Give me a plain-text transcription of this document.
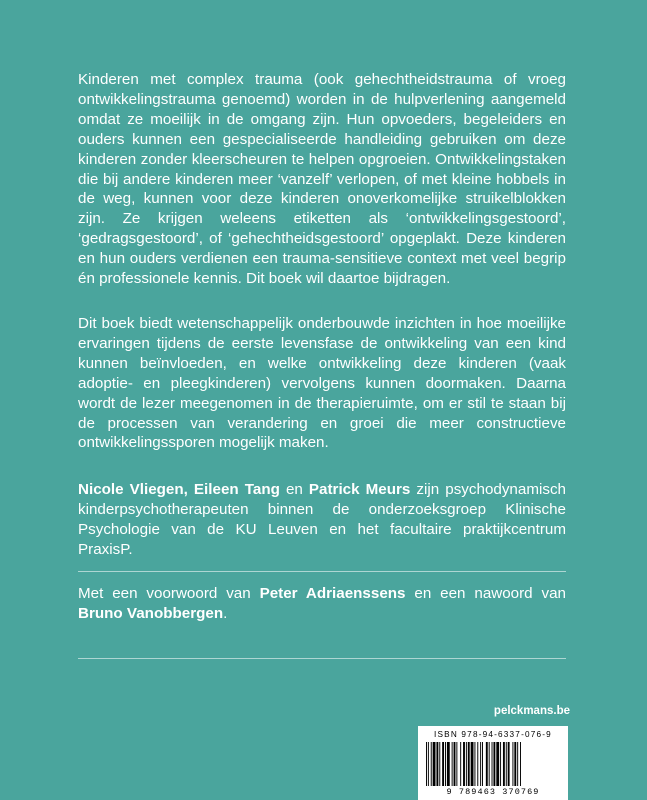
Kinderen met complex trauma (ook gehechtheidstrauma of vroeg ontwikkelingstrauma genoemd) worden in de hulpverlening aangemeld omdat ze moeilijk in de omgang zijn. Hun opvoeders, begeleiders en ouders kunnen een gespecialiseerde handleiding gebruiken om deze kinderen zonder kleerscheuren te helpen opgroeien. Ontwikkelingstaken die bij andere kinderen meer ‘vanzelf’ verlopen, of met kleine hobbels in de weg, kunnen voor deze kinderen onoverkomelijke struikelblokken zijn. Ze krijgen weleens etiketten als ‘ontwikkelingsgestoord’, ‘gedragsgestoord’, of ‘gehechtheidsgestoord’ opgeplakt. Deze kinderen en hun ouders verdienen een trauma-sensitieve context met veel begrip én professionele kennis. Dit boek wil daartoe bijdragen.

Dit boek biedt wetenschappelijk onderbouwde inzichten in hoe moeilijke ervaringen tijdens de eerste levensfase de ontwikkeling van een kind kunnen beïnvloeden, en welke ontwikkeling deze kinderen (vaak adoptie- en pleegkinderen) vervolgens kunnen doormaken. Daarna wordt de lezer meegenomen in de therapieruimte, om er stil te staan bij de processen van verandering en groei die meer constructieve ontwikkelingssporen mogelijk maken.

Nicole Vliegen, Eileen Tang en Patrick Meurs zijn psychodynamisch kinderpsychotherapeuten binnen de onderzoeksgroep Klinische Psychologie van de KU Leuven en het facultaire praktijkcentrum PraxisP.

Met een voorwoord van Peter Adriaenssens en een nawoord van Bruno Vanobbergen.

pelckmans.be

ISBN 978-94-6337-076-9

9 789463 370769
